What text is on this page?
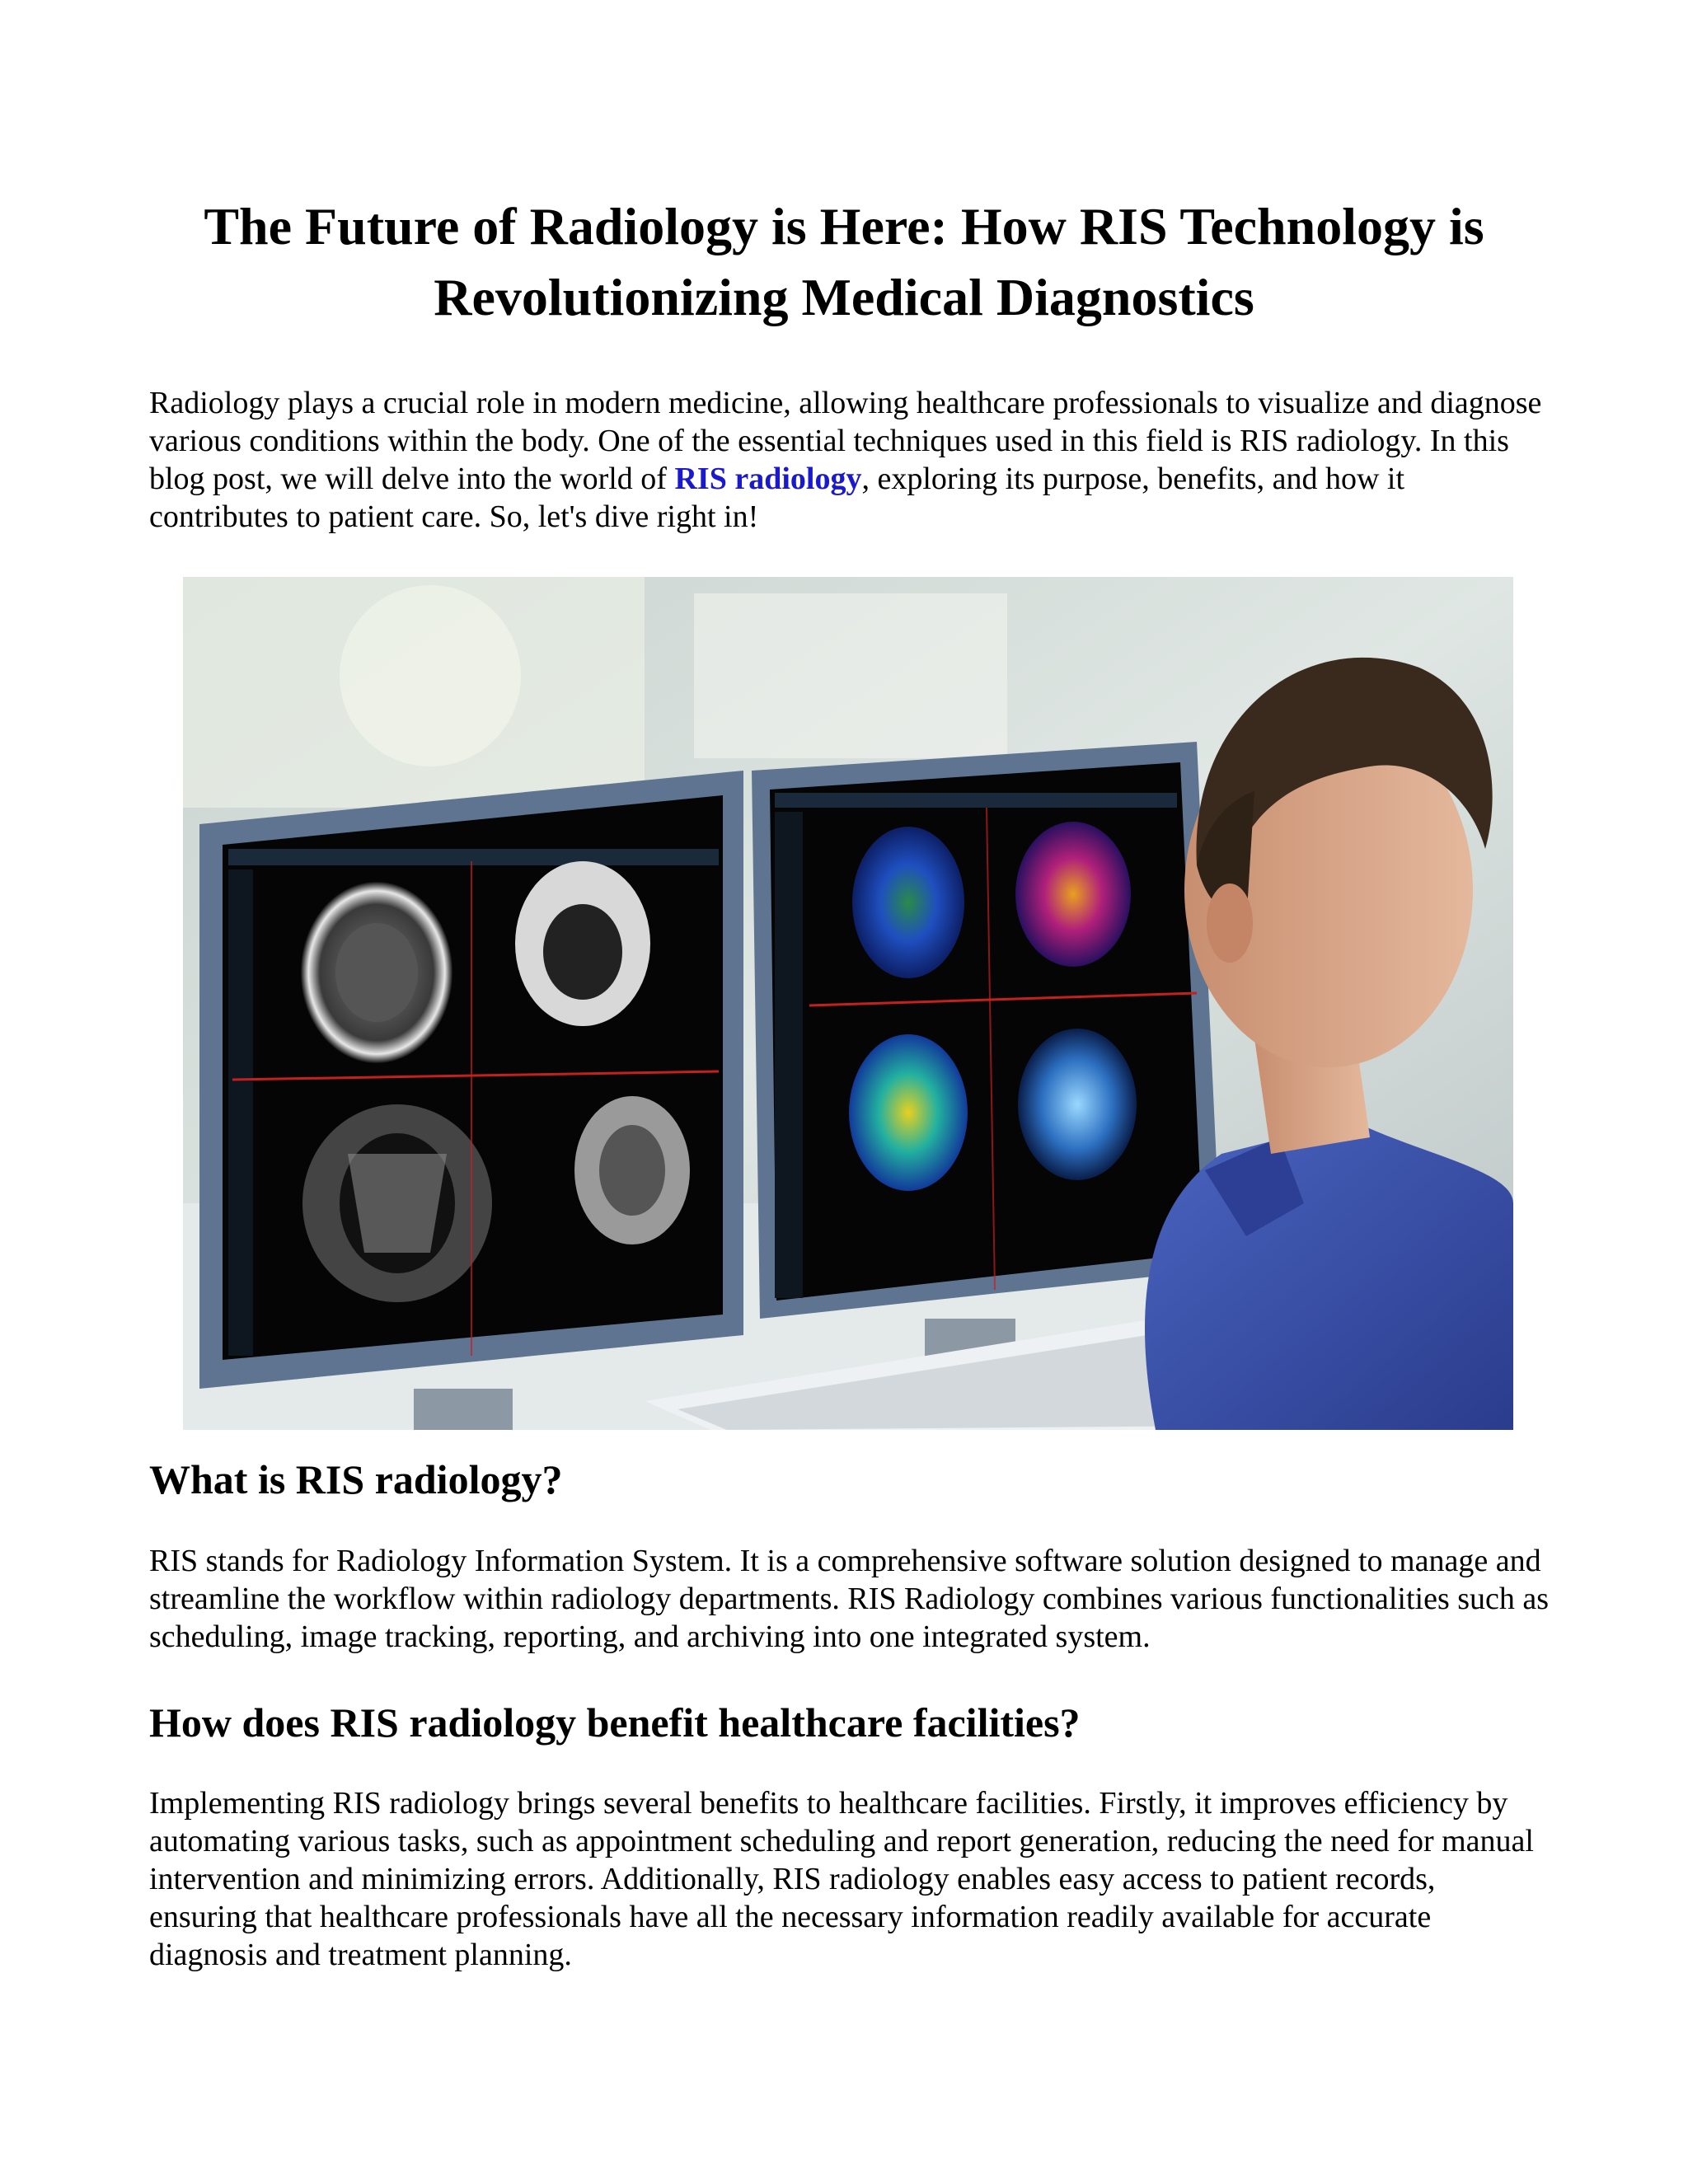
The Future of Radiology is Here: How RIS Technology is Revolutionizing Medical Diagnostics

Radiology plays a crucial role in modern medicine, allowing healthcare professionals to visualize and diagnose various conditions within the body. One of the essential techniques used in this field is RIS radiology. In this blog post, we will delve into the world of RIS radiology, exploring its purpose, benefits, and how it contributes to patient care. So, let's dive right in!

What is RIS radiology?

RIS stands for Radiology Information System. It is a comprehensive software solution designed to manage and streamline the workflow within radiology departments. RIS Radiology combines various functionalities such as scheduling, image tracking, reporting, and archiving into one integrated system.

How does RIS radiology benefit healthcare facilities?

Implementing RIS radiology brings several benefits to healthcare facilities. Firstly, it improves efficiency by automating various tasks, such as appointment scheduling and report generation, reducing the need for manual intervention and minimizing errors. Additionally, RIS radiology enables easy access to patient records, ensuring that healthcare professionals have all the necessary information readily available for accurate diagnosis and treatment planning.
